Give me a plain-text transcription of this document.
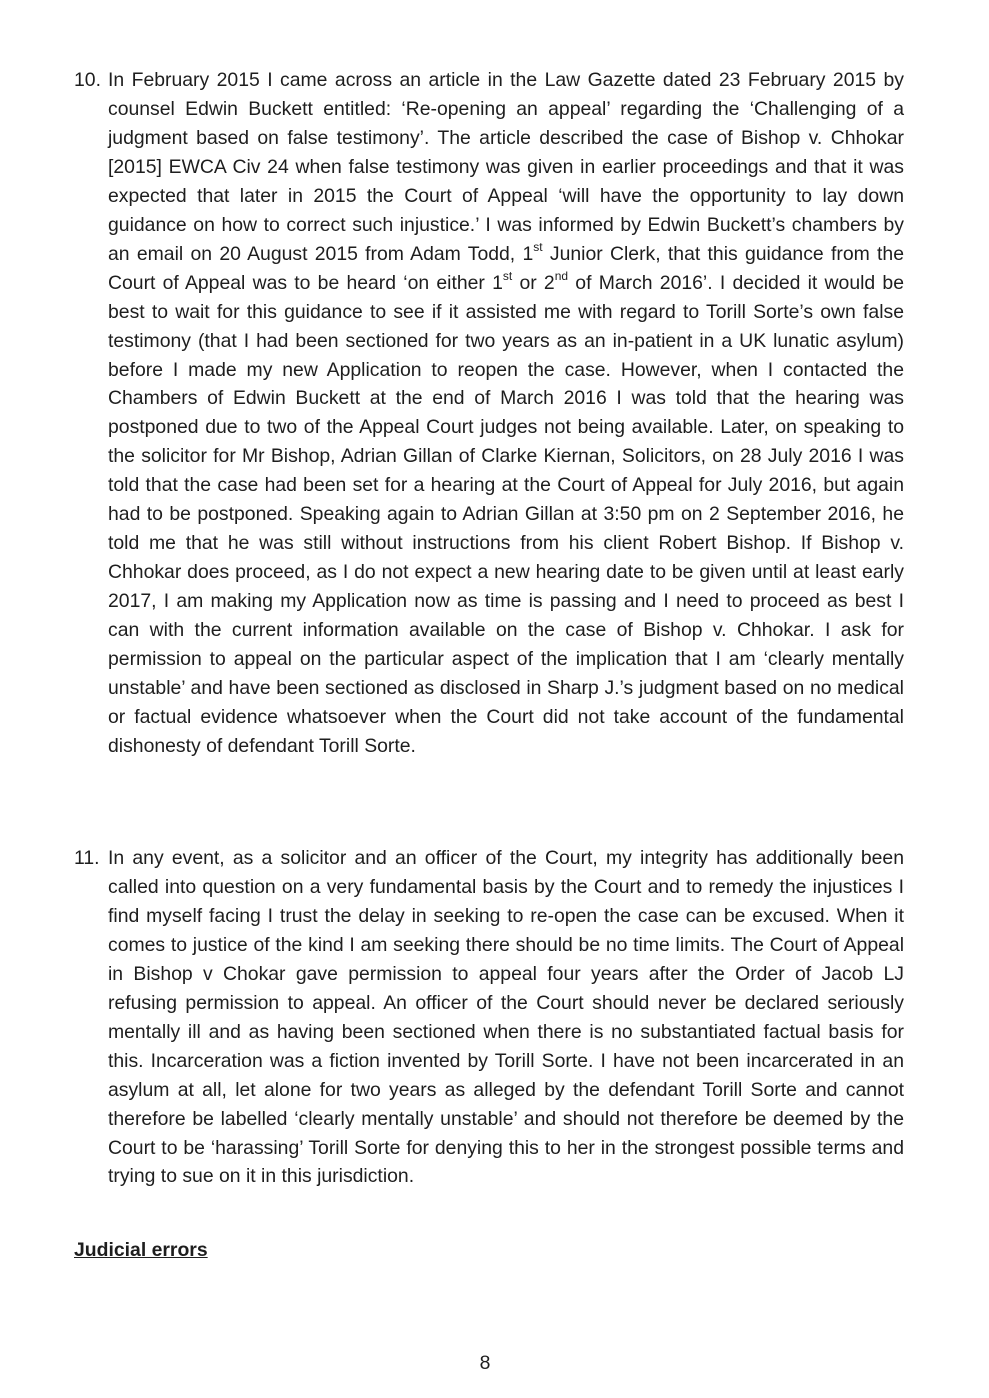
10. In February 2015 I came across an article in the Law Gazette dated 23 February 2015 by counsel Edwin Buckett entitled: ‘Re-opening an appeal’ regarding the ‘Challenging of a judgment based on false testimony’. The article described the case of Bishop v. Chhokar [2015] EWCA Civ 24 when false testimony was given in earlier proceedings and that it was expected that later in 2015 the Court of Appeal ‘will have the opportunity to lay down guidance on how to correct such injustice.’ I was informed by Edwin Buckett’s chambers by an email on 20 August 2015 from Adam Todd, 1st Junior Clerk, that this guidance from the Court of Appeal was to be heard ‘on either 1st or 2nd of March 2016’. I decided it would be best to wait for this guidance to see if it assisted me with regard to Torill Sorte’s own false testimony (that I had been sectioned for two years as an in-patient in a UK lunatic asylum) before I made my new Application to reopen the case. However, when I contacted the Chambers of Edwin Buckett at the end of March 2016 I was told that the hearing was postponed due to two of the Appeal Court judges not being available. Later, on speaking to the solicitor for Mr Bishop, Adrian Gillan of Clarke Kiernan, Solicitors, on 28 July 2016 I was told that the case had been set for a hearing at the Court of Appeal for July 2016, but again had to be postponed. Speaking again to Adrian Gillan at 3:50 pm on 2 September 2016, he told me that he was still without instructions from his client Robert Bishop. If Bishop v. Chhokar does proceed, as I do not expect a new hearing date to be given until at least early 2017, I am making my Application now as time is passing and I need to proceed as best I can with the current information available on the case of Bishop v. Chhokar. I ask for permission to appeal on the particular aspect of the implication that I am ‘clearly mentally unstable’ and have been sectioned as disclosed in Sharp J.’s judgment based on no medical or factual evidence whatsoever when the Court did not take account of the fundamental dishonesty of defendant Torill Sorte.
11. In any event, as a solicitor and an officer of the Court, my integrity has additionally been called into question on a very fundamental basis by the Court and to remedy the injustices I find myself facing I trust the delay in seeking to re-open the case can be excused. When it comes to justice of the kind I am seeking there should be no time limits. The Court of Appeal in Bishop v Chokar gave permission to appeal four years after the Order of Jacob LJ refusing permission to appeal. An officer of the Court should never be declared seriously mentally ill and as having been sectioned when there is no substantiated factual basis for this. Incarceration was a fiction invented by Torill Sorte. I have not been incarcerated in an asylum at all, let alone for two years as alleged by the defendant Torill Sorte and cannot therefore be labelled ‘clearly mentally unstable’ and should not therefore be deemed by the Court to be ‘harassing’ Torill Sorte for denying this to her in the strongest possible terms and trying to sue on it in this jurisdiction.
Judicial errors
8
